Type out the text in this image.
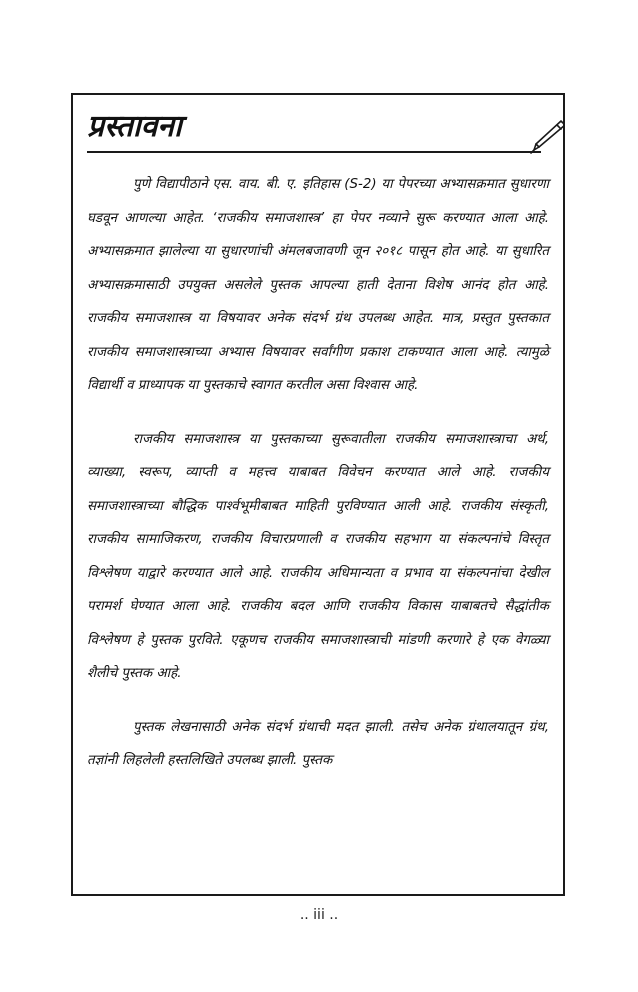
प्रस्तावना

पुणे विद्यापीठाने एस. वाय. बी. ए. इतिहास (S-2) या पेपरच्या अभ्यासक्रमात सुधारणा घडवून आणल्या आहेत. ‘राजकीय समाजशास्त्र’ हा पेपर नव्याने सुरू करण्यात आला आहे. अभ्यासक्रमात झालेल्या या सुधारणांची अंमलबजावणी जून २०१८ पासून होत आहे. या सुधारित अभ्यासक्रमासाठी उपयुक्त असलेले पुस्तक आपल्या हाती देताना विशेष आनंद होत आहे. राजकीय समाजशास्त्र या विषयावर अनेक संदर्भ ग्रंथ उपलब्ध आहेत. मात्र, प्रस्तुत पुस्तकात राजकीय समाजशास्त्राच्या अभ्यास विषयावर सर्वांगीण प्रकाश टाकण्यात आला आहे. त्यामुळे विद्यार्थी व प्राध्यापक या पुस्तकाचे स्वागत करतील असा विश्वास आहे.

राजकीय समाजशास्त्र या पुस्तकाच्या सुरूवातीला राजकीय समाजशास्त्राचा अर्थ, व्याख्या, स्वरूप, व्याप्ती व महत्त्व याबाबत विवेचन करण्यात आले आहे. राजकीय समाजशास्त्राच्या बौद्धिक पार्श्वभूमीबाबत माहिती पुरविण्यात आली आहे. राजकीय संस्कृती, राजकीय सामाजिकरण, राजकीय विचारप्रणाली व राजकीय सहभाग या संकल्पनांचे विस्तृत विश्लेषण याद्वारे करण्यात आले आहे. राजकीय अधिमान्यता व प्रभाव या संकल्पनांचा देखील परामर्श घेण्यात आला आहे. राजकीय बदल आणि राजकीय विकास याबाबतचे सैद्धांतीक विश्लेषण हे पुस्तक पुरविते. एकूणच राजकीय समाजशास्त्राची मांडणी करणारे हे एक वेगळ्या शैलीचे पुस्तक आहे.

पुस्तक लेखनासाठी अनेक संदर्भ ग्रंथाची मदत झाली. तसेच अनेक ग्रंथालयातून ग्रंथ, तज्ञांनी लिहलेली हस्तलिखिते उपलब्ध झाली. पुस्तक

.. iii ..
